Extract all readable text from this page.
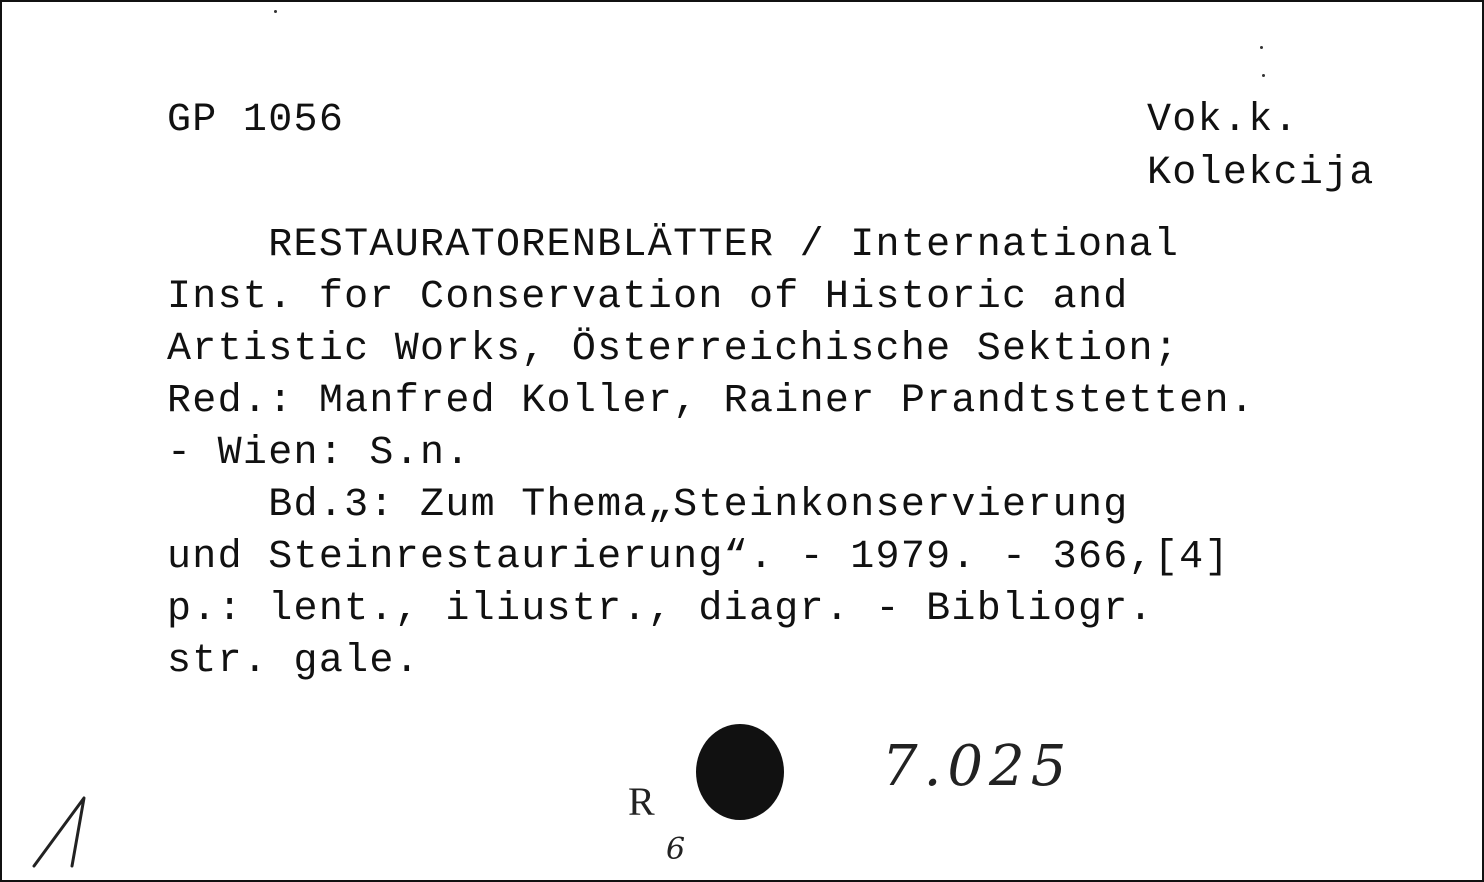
GP 1056	Vok.k.
Kolekcija
RESTAURATORENBLÄTTER / International
Inst. for Conservation of Historic and
Artistic Works, Österreichische Sektion;
Red.: Manfred Koller, Rainer Prandtstetten.
- Wien: S.n.
Bd.3: Zum Thema„Steinkonservierung
und Steinrestaurierung“. - 1979. - 366,[4]
p.: lent., iliustr., diagr. - Bibliogr.
str. gale.
R
6
7.025
